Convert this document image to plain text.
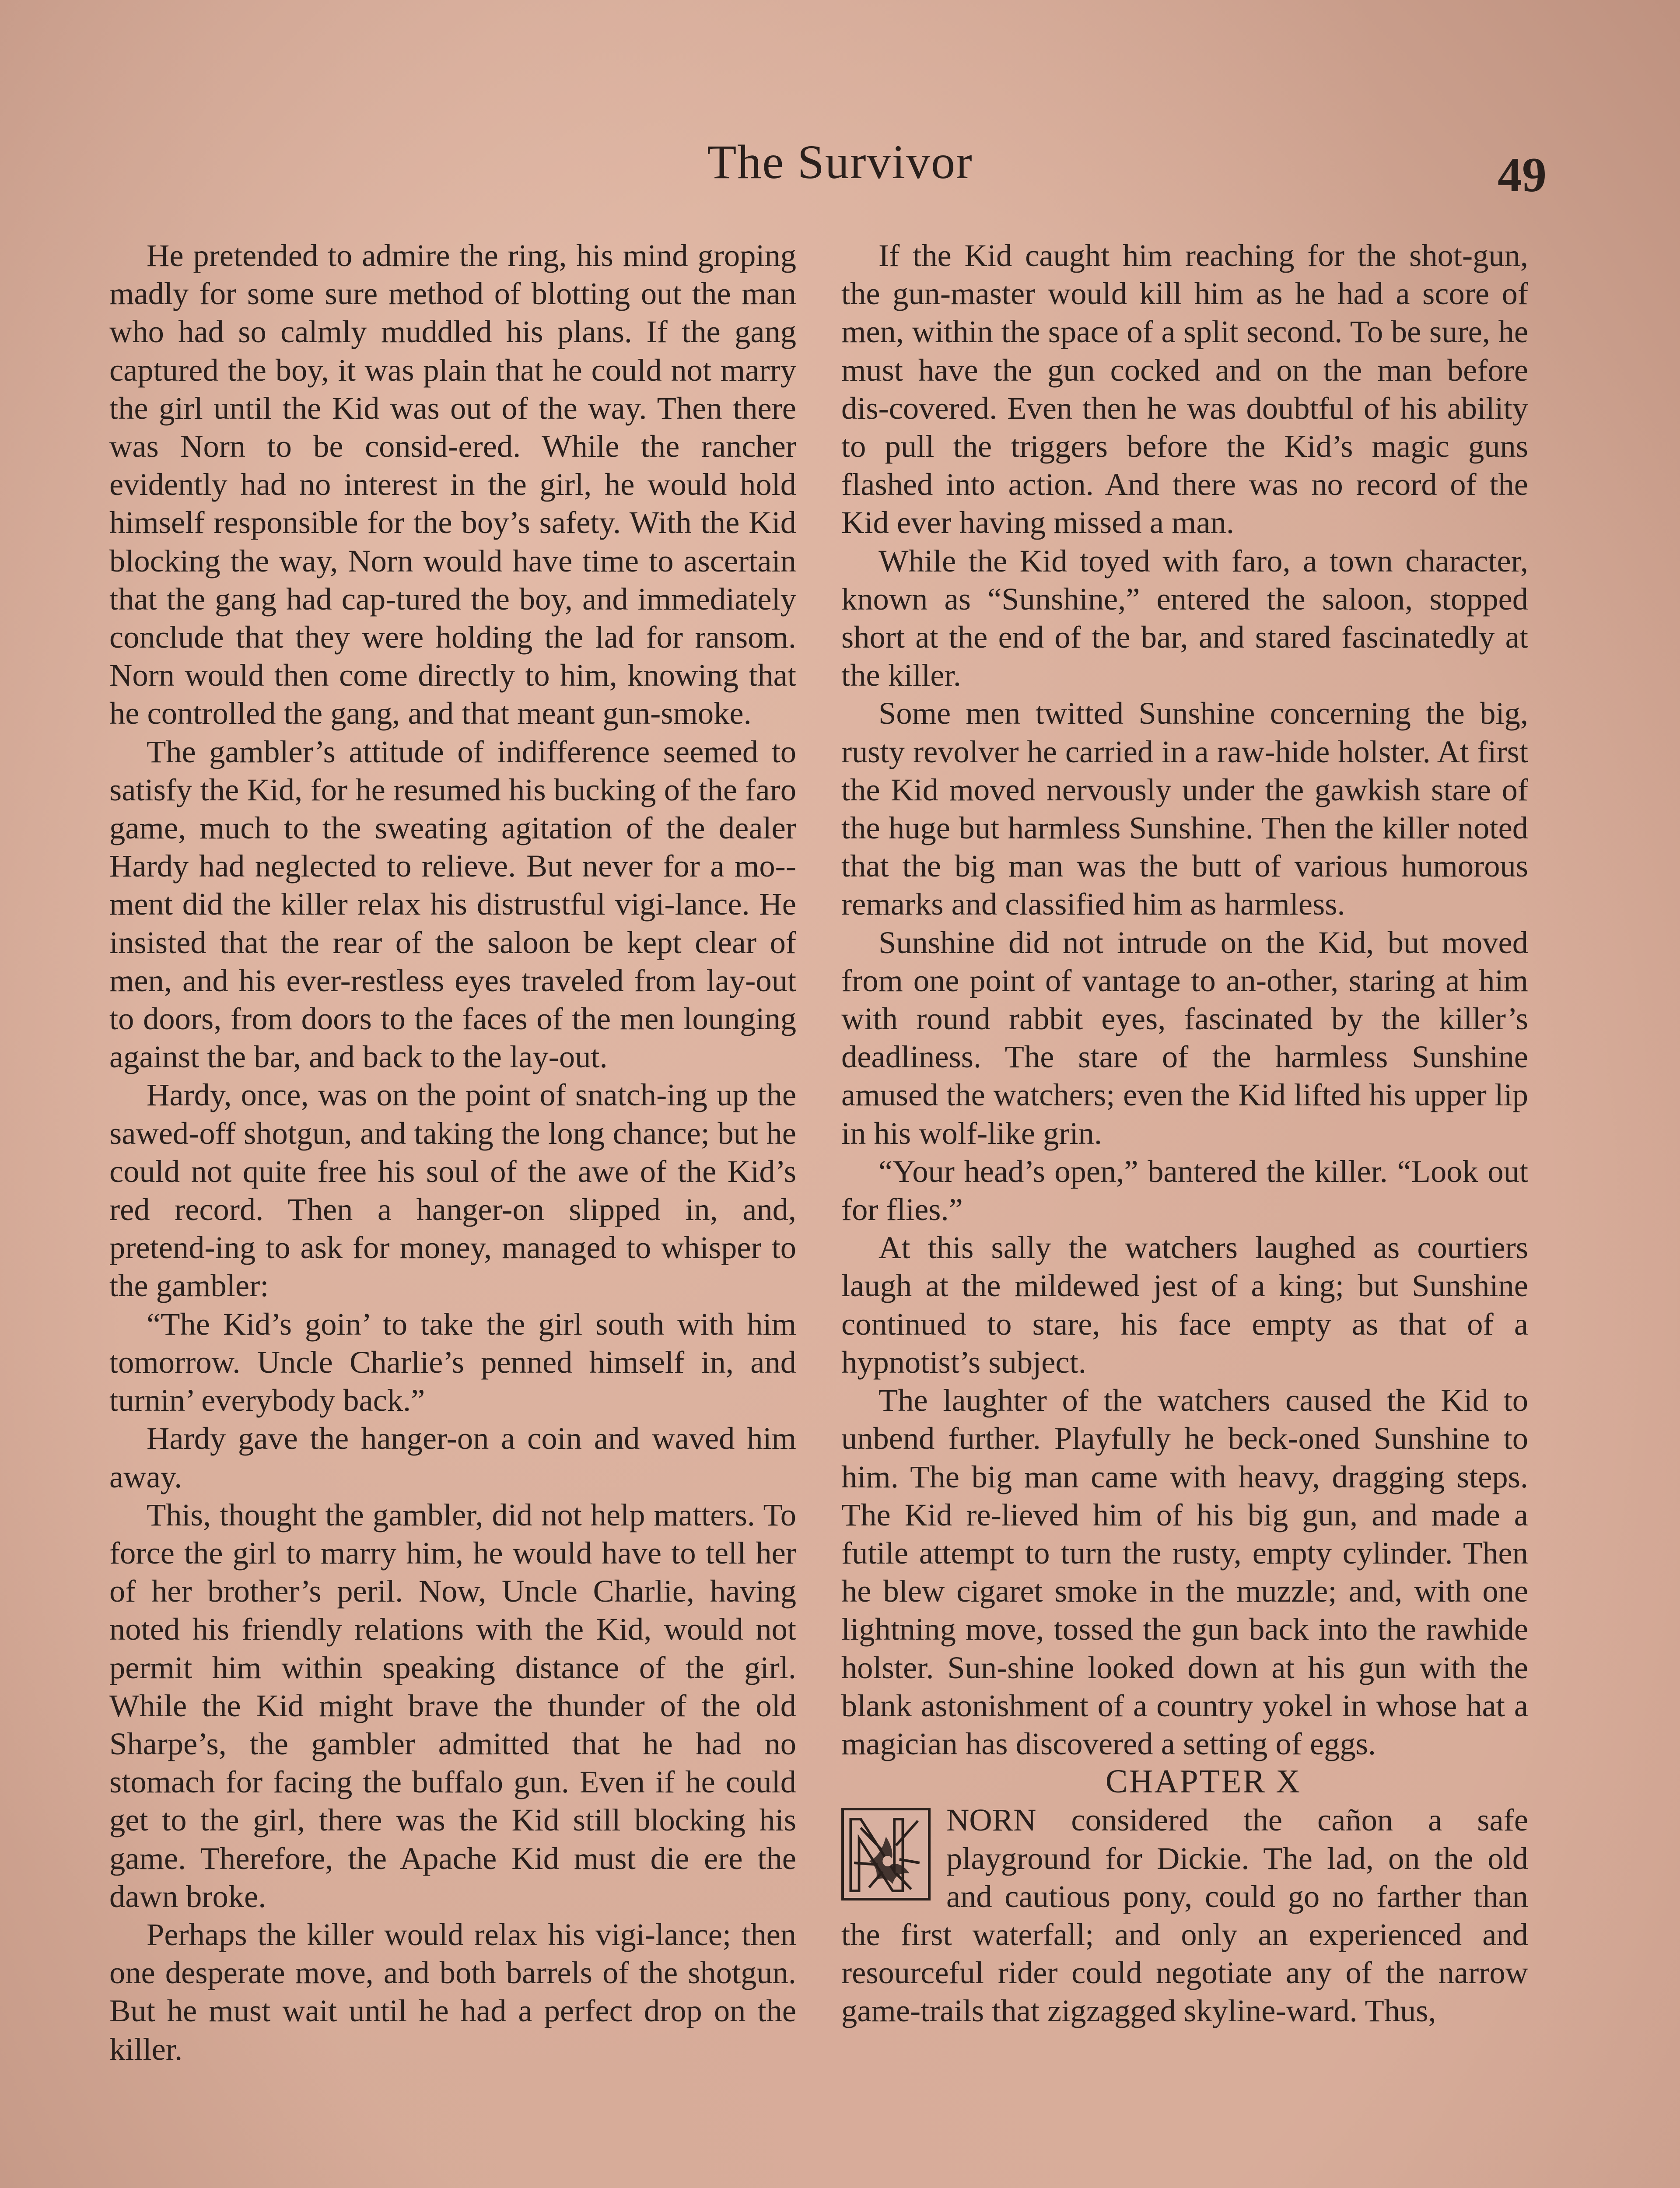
The Survivor	49

He pretended to admire the ring, his mind groping madly for some sure method of blotting out the man who had so calmly muddled his plans. If the gang captured the boy, it was plain that he could not marry the girl until the Kid was out of the way. Then there was Norn to be consid-ered. While the rancher evidently had no interest in the girl, he would hold himself responsible for the boy’s safety. With the Kid blocking the way, Norn would have time to ascertain that the gang had cap-tured the boy, and immediately conclude that they were holding the lad for ransom. Norn would then come directly to him, knowing that he controlled the gang, and that meant gun-smoke.

The gambler’s attitude of indifference seemed to satisfy the Kid, for he resumed his bucking of the faro game, much to the sweating agitation of the dealer Hardy had neglected to relieve. But never for a mo-ment did the killer relax his distrustful vigi-lance. He insisted that the rear of the saloon be kept clear of men, and his ever-restless eyes traveled from lay-out to doors, from doors to the faces of the men lounging against the bar, and back to the lay-out.

Hardy, once, was on the point of snatch-ing up the sawed-off shotgun, and taking the long chance; but he could not quite free his soul of the awe of the Kid’s red record. Then a hanger-on slipped in, and, pretend-ing to ask for money, managed to whisper to the gambler:

“The Kid’s goin’ to take the girl south with him tomorrow. Uncle Charlie’s penned himself in, and turnin’ everybody back.”

Hardy gave the hanger-on a coin and waved him away.

This, thought the gambler, did not help matters. To force the girl to marry him, he would have to tell her of her brother’s peril. Now, Uncle Charlie, having noted his friendly relations with the Kid, would not permit him within speaking distance of the girl. While the Kid might brave the thunder of the old Sharpe’s, the gambler admitted that he had no stomach for facing the buffalo gun. Even if he could get to the girl, there was the Kid still blocking his game. Therefore, the Apache Kid must die ere the dawn broke.

Perhaps the killer would relax his vigi-lance; then one desperate move, and both barrels of the shotgun. But he must wait until he had a perfect drop on the killer.

If the Kid caught him reaching for the shot-gun, the gun-master would kill him as he had a score of men, within the space of a split second. To be sure, he must have the gun cocked and on the man before dis-covered. Even then he was doubtful of his ability to pull the triggers before the Kid’s magic guns flashed into action. And there was no record of the Kid ever having missed a man.

While the Kid toyed with faro, a town character, known as “Sunshine,” entered the saloon, stopped short at the end of the bar, and stared fascinatedly at the killer.

Some men twitted Sunshine concerning the big, rusty revolver he carried in a raw-hide holster. At first the Kid moved nervously under the gawkish stare of the huge but harmless Sunshine. Then the killer noted that the big man was the butt of various humorous remarks and classified him as harmless.

Sunshine did not intrude on the Kid, but moved from one point of vantage to an-other, staring at him with round rabbit eyes, fascinated by the killer’s deadliness. The stare of the harmless Sunshine amused the watchers; even the Kid lifted his upper lip in his wolf-like grin.

“Your head’s open,” bantered the killer. “Look out for flies.”

At this sally the watchers laughed as courtiers laugh at the mildewed jest of a king; but Sunshine continued to stare, his face empty as that of a hypnotist’s subject.

The laughter of the watchers caused the Kid to unbend further. Playfully he beck-oned Sunshine to him. The big man came with heavy, dragging steps. The Kid re-lieved him of his big gun, and made a futile attempt to turn the rusty, empty cylinder. Then he blew cigaret smoke in the muzzle; and, with one lightning move, tossed the gun back into the rawhide holster. Sun-shine looked down at his gun with the blank astonishment of a country yokel in whose hat a magician has discovered a setting of eggs.

CHAPTER X

NORN considered the cañon a safe playground for Dickie. The lad, on the old and cautious pony, could go no farther than the first waterfall; and only an experienced and resourceful rider could negotiate any of the narrow game-trails that zigzagged skyline-ward. Thus,
